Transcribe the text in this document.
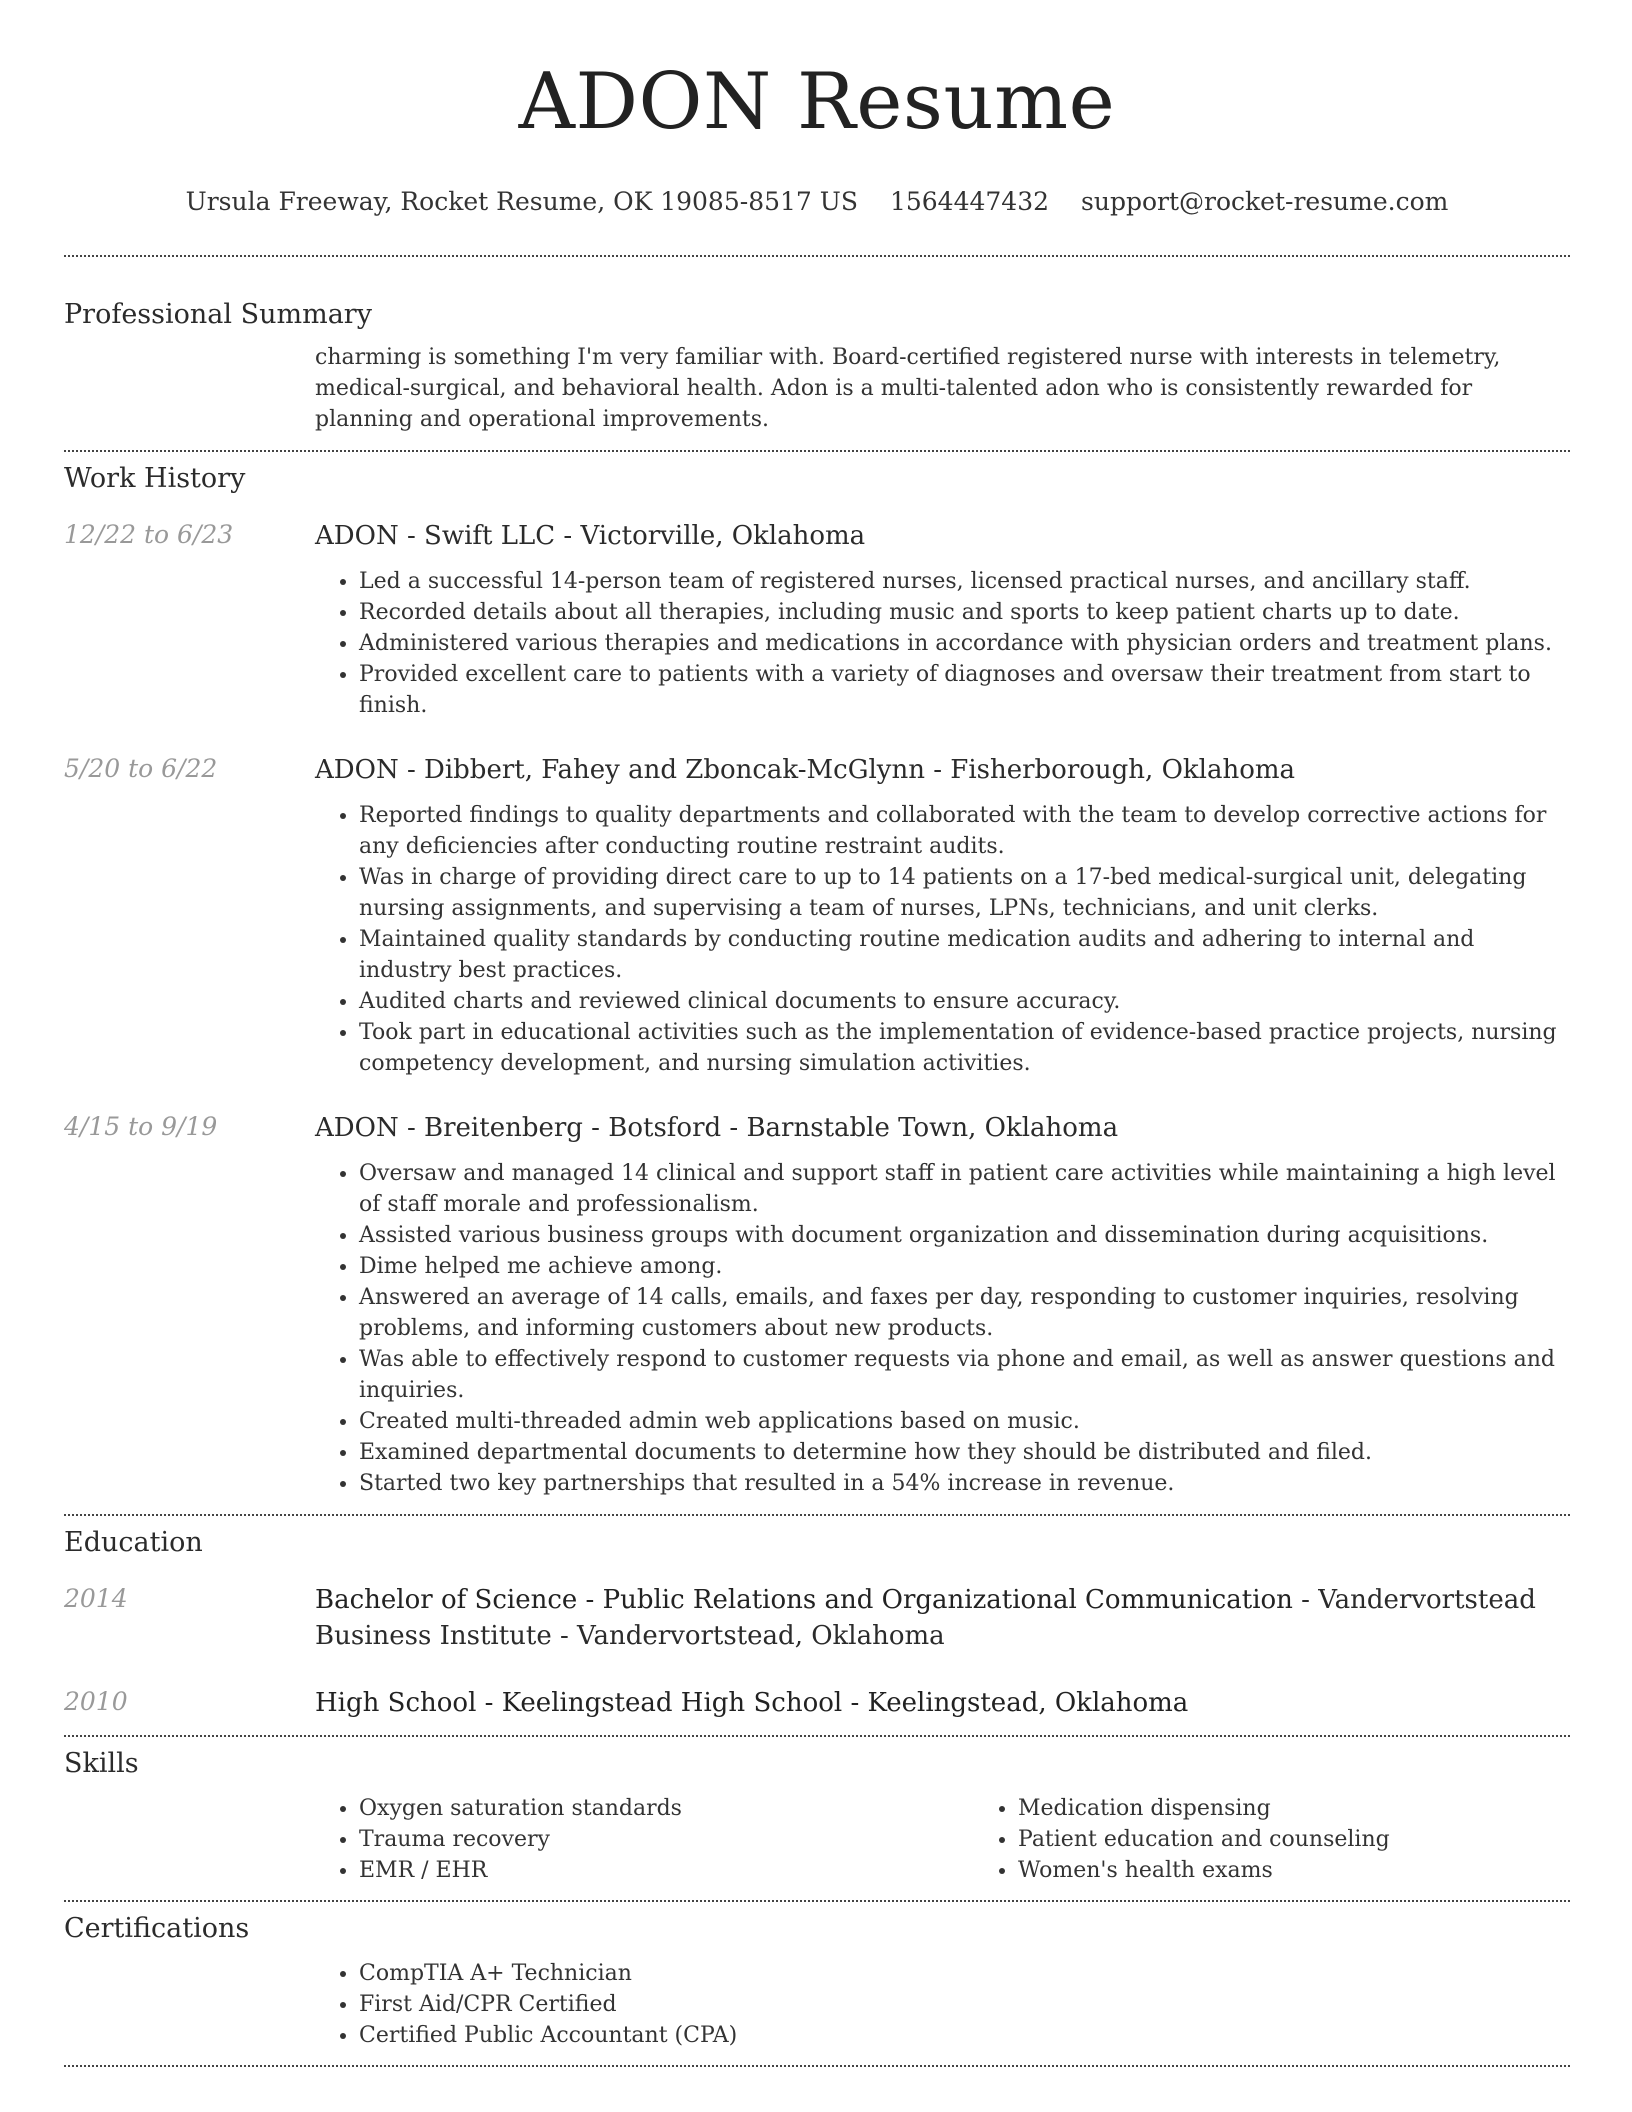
ADON Resume
Ursula Freeway, Rocket Resume, OK 19085-8517 US 1564447432 support@rocket-resume.com
Professional Summary
charming is something I'm very familiar with. Board-certified registered nurse with interests in telemetry, medical-surgical, and behavioral health. Adon is a multi-talented adon who is consistently rewarded for planning and operational improvements.
Work History
12/22 to 6/23	ADON - Swift LLC - Victorville, Oklahoma
• Led a successful 14-person team of registered nurses, licensed practical nurses, and ancillary staff.
• Recorded details about all therapies, including music and sports to keep patient charts up to date.
• Administered various therapies and medications in accordance with physician orders and treatment plans.
• Provided excellent care to patients with a variety of diagnoses and oversaw their treatment from start to finish.
5/20 to 6/22	ADON - Dibbert, Fahey and Zboncak-McGlynn - Fisherborough, Oklahoma
• Reported findings to quality departments and collaborated with the team to develop corrective actions for any deficiencies after conducting routine restraint audits.
• Was in charge of providing direct care to up to 14 patients on a 17-bed medical-surgical unit, delegating nursing assignments, and supervising a team of nurses, LPNs, technicians, and unit clerks.
• Maintained quality standards by conducting routine medication audits and adhering to internal and industry best practices.
• Audited charts and reviewed clinical documents to ensure accuracy.
• Took part in educational activities such as the implementation of evidence-based practice projects, nursing competency development, and nursing simulation activities.
4/15 to 9/19	ADON - Breitenberg - Botsford - Barnstable Town, Oklahoma
• Oversaw and managed 14 clinical and support staff in patient care activities while maintaining a high level of staff morale and professionalism.
• Assisted various business groups with document organization and dissemination during acquisitions.
• Dime helped me achieve among.
• Answered an average of 14 calls, emails, and faxes per day, responding to customer inquiries, resolving problems, and informing customers about new products.
• Was able to effectively respond to customer requests via phone and email, as well as answer questions and inquiries.
• Created multi-threaded admin web applications based on music.
• Examined departmental documents to determine how they should be distributed and filed.
• Started two key partnerships that resulted in a 54% increase in revenue.
Education
2014	Bachelor of Science - Public Relations and Organizational Communication - Vandervortstead Business Institute - Vandervortstead, Oklahoma
2010	High School - Keelingstead High School - Keelingstead, Oklahoma
Skills
• Oxygen saturation standards
• Trauma recovery
• EMR / EHR
• Medication dispensing
• Patient education and counseling
• Women's health exams
Certifications
• CompTIA A+ Technician
• First Aid/CPR Certified
• Certified Public Accountant (CPA)
